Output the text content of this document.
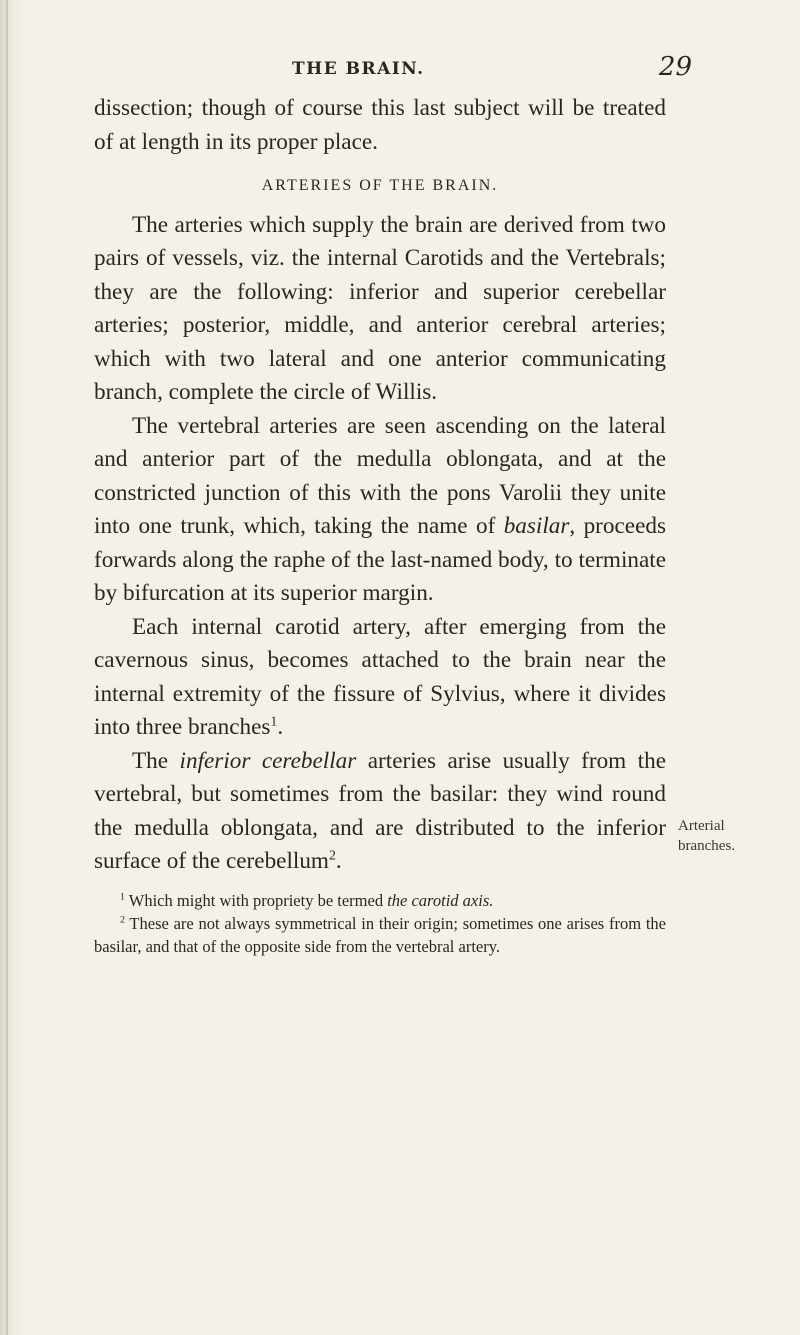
THE BRAIN.	29

dissection; though of course this last subject will be treated of at length in its proper place.

ARTERIES OF THE BRAIN.

The arteries which supply the brain are derived from two pairs of vessels, viz. the internal Carotids and the Vertebrals; they are the following: inferior and superior cerebellar arteries; posterior, middle, and anterior cerebral arteries; which with two lateral and one anterior communicating branch, complete the circle of Willis.

The vertebral arteries are seen ascending on the lateral and anterior part of the medulla oblongata, and at the constricted junction of this with the pons Varolii they unite into one trunk, which, taking the name of basilar, proceeds forwards along the raphe of the last-named body, to terminate by bifurcation at its superior margin.

Each internal carotid artery, after emerging from the cavernous sinus, becomes attached to the brain near the internal extremity of the fissure of Sylvius, where it divides into three branches$^1$.

The inferior cerebellar arteries arise usually from the vertebral, but sometimes from the basilar: they wind round the medulla oblongata, and are distributed to the inferior surface of the cerebellum$^2$.

$^1$ Which might with propriety be termed the carotid axis.

$^2$ These are not always symmetrical in their origin; sometimes one arises from the basilar, and that of the opposite side from the vertebral artery.

Arterial
branches.
